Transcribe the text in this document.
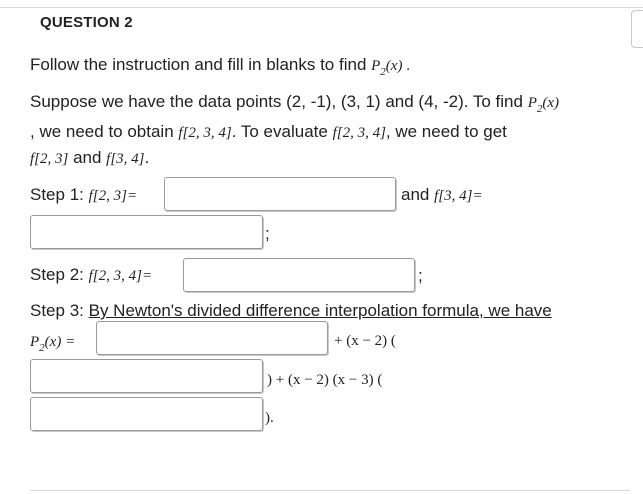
QUESTION 2
Follow the instruction and fill in blanks to find $P_2(x)$ .
Suppose we have the data points (2, -1), (3, 1) and (4, -2). To find $P_2(x)$
, we need to obtain f[2, 3, 4]. To evaluate f[2, 3, 4], we need to get
f[2, 3] and f[3, 4].
Step 1: f[2, 3]=	and f[3, 4]=
;
Step 2: f[2, 3, 4]=	;
Step 3: By Newton's divided difference interpolation formula, we have
$P_2(x)$ =	+ (x − 2) (
) + (x − 2) (x − 3) (
).
